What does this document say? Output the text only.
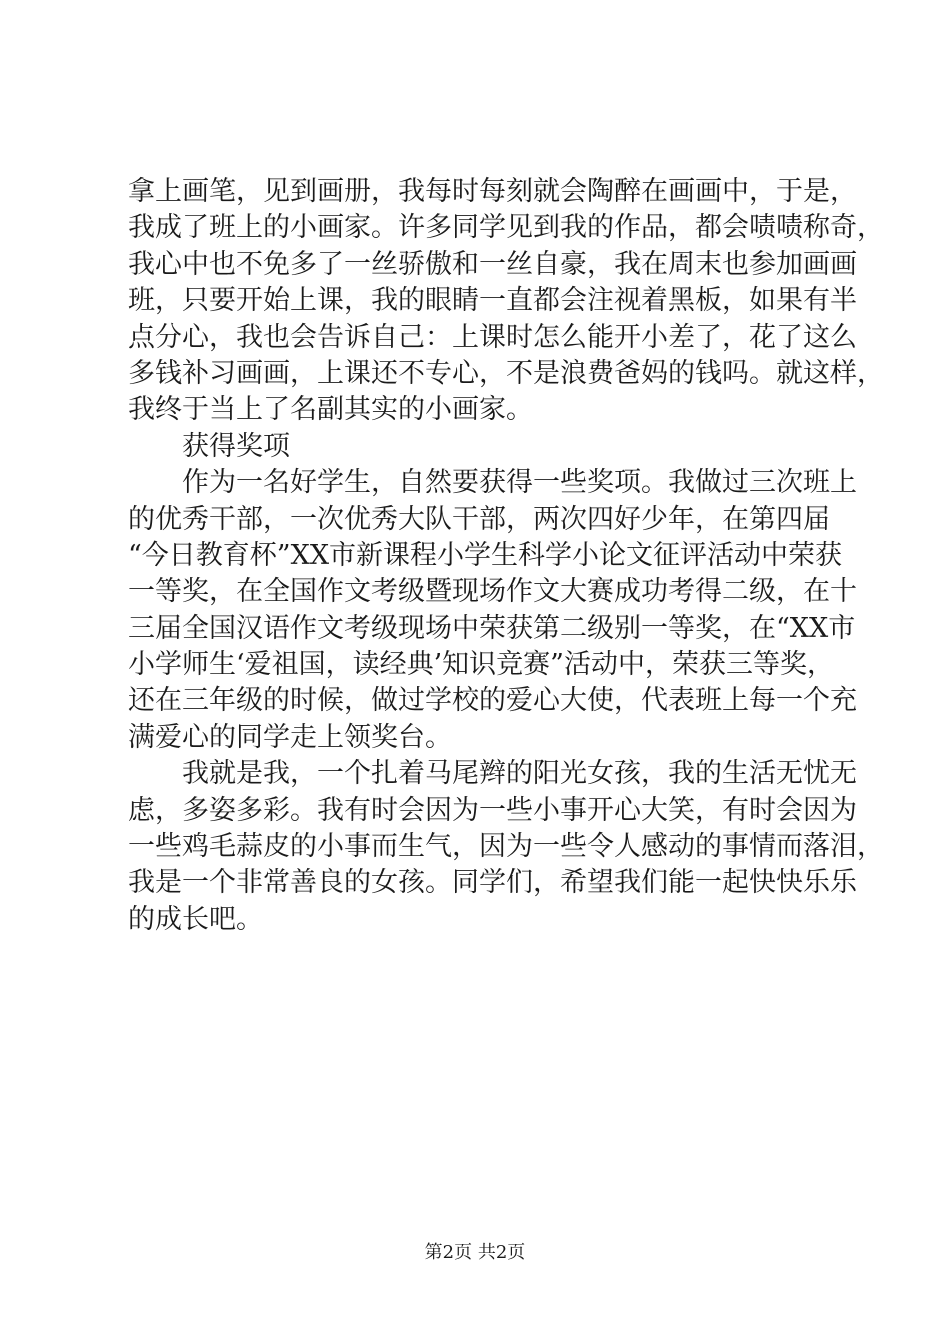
拿上画笔，见到画册，我每时每刻就会陶醉在画画中，于是，
我成了班上的小画家。许多同学见到我的作品，都会啧啧称奇，
我心中也不免多了一丝骄傲和一丝自豪，我在周末也参加画画
班，只要开始上课，我的眼睛一直都会注视着黑板，如果有半
点分心，我也会告诉自己：上课时怎么能开小差了，花了这么
多钱补习画画，上课还不专心，不是浪费爸妈的钱吗。就这样，
我终于当上了名副其实的小画家。
获得奖项
作为一名好学生，自然要获得一些奖项。我做过三次班上
的优秀干部，一次优秀大队干部，两次四好少年，在第四届
“今日教育杯”XX市新课程小学生科学小论文征评活动中荣获
一等奖，在全国作文考级暨现场作文大赛成功考得二级，在十
三届全国汉语作文考级现场中荣获第二级别一等奖，在“XX市
小学师生‘爱祖国，读经典’知识竞赛”活动中，荣获三等奖，
还在三年级的时候，做过学校的爱心大使，代表班上每一个充
满爱心的同学走上领奖台。
我就是我，一个扎着马尾辫的阳光女孩，我的生活无忧无
虑，多姿多彩。我有时会因为一些小事开心大笑，有时会因为
一些鸡毛蒜皮的小事而生气，因为一些令人感动的事情而落泪，
我是一个非常善良的女孩。同学们，希望我们能一起快快乐乐
的成长吧。
第2页 共2页
